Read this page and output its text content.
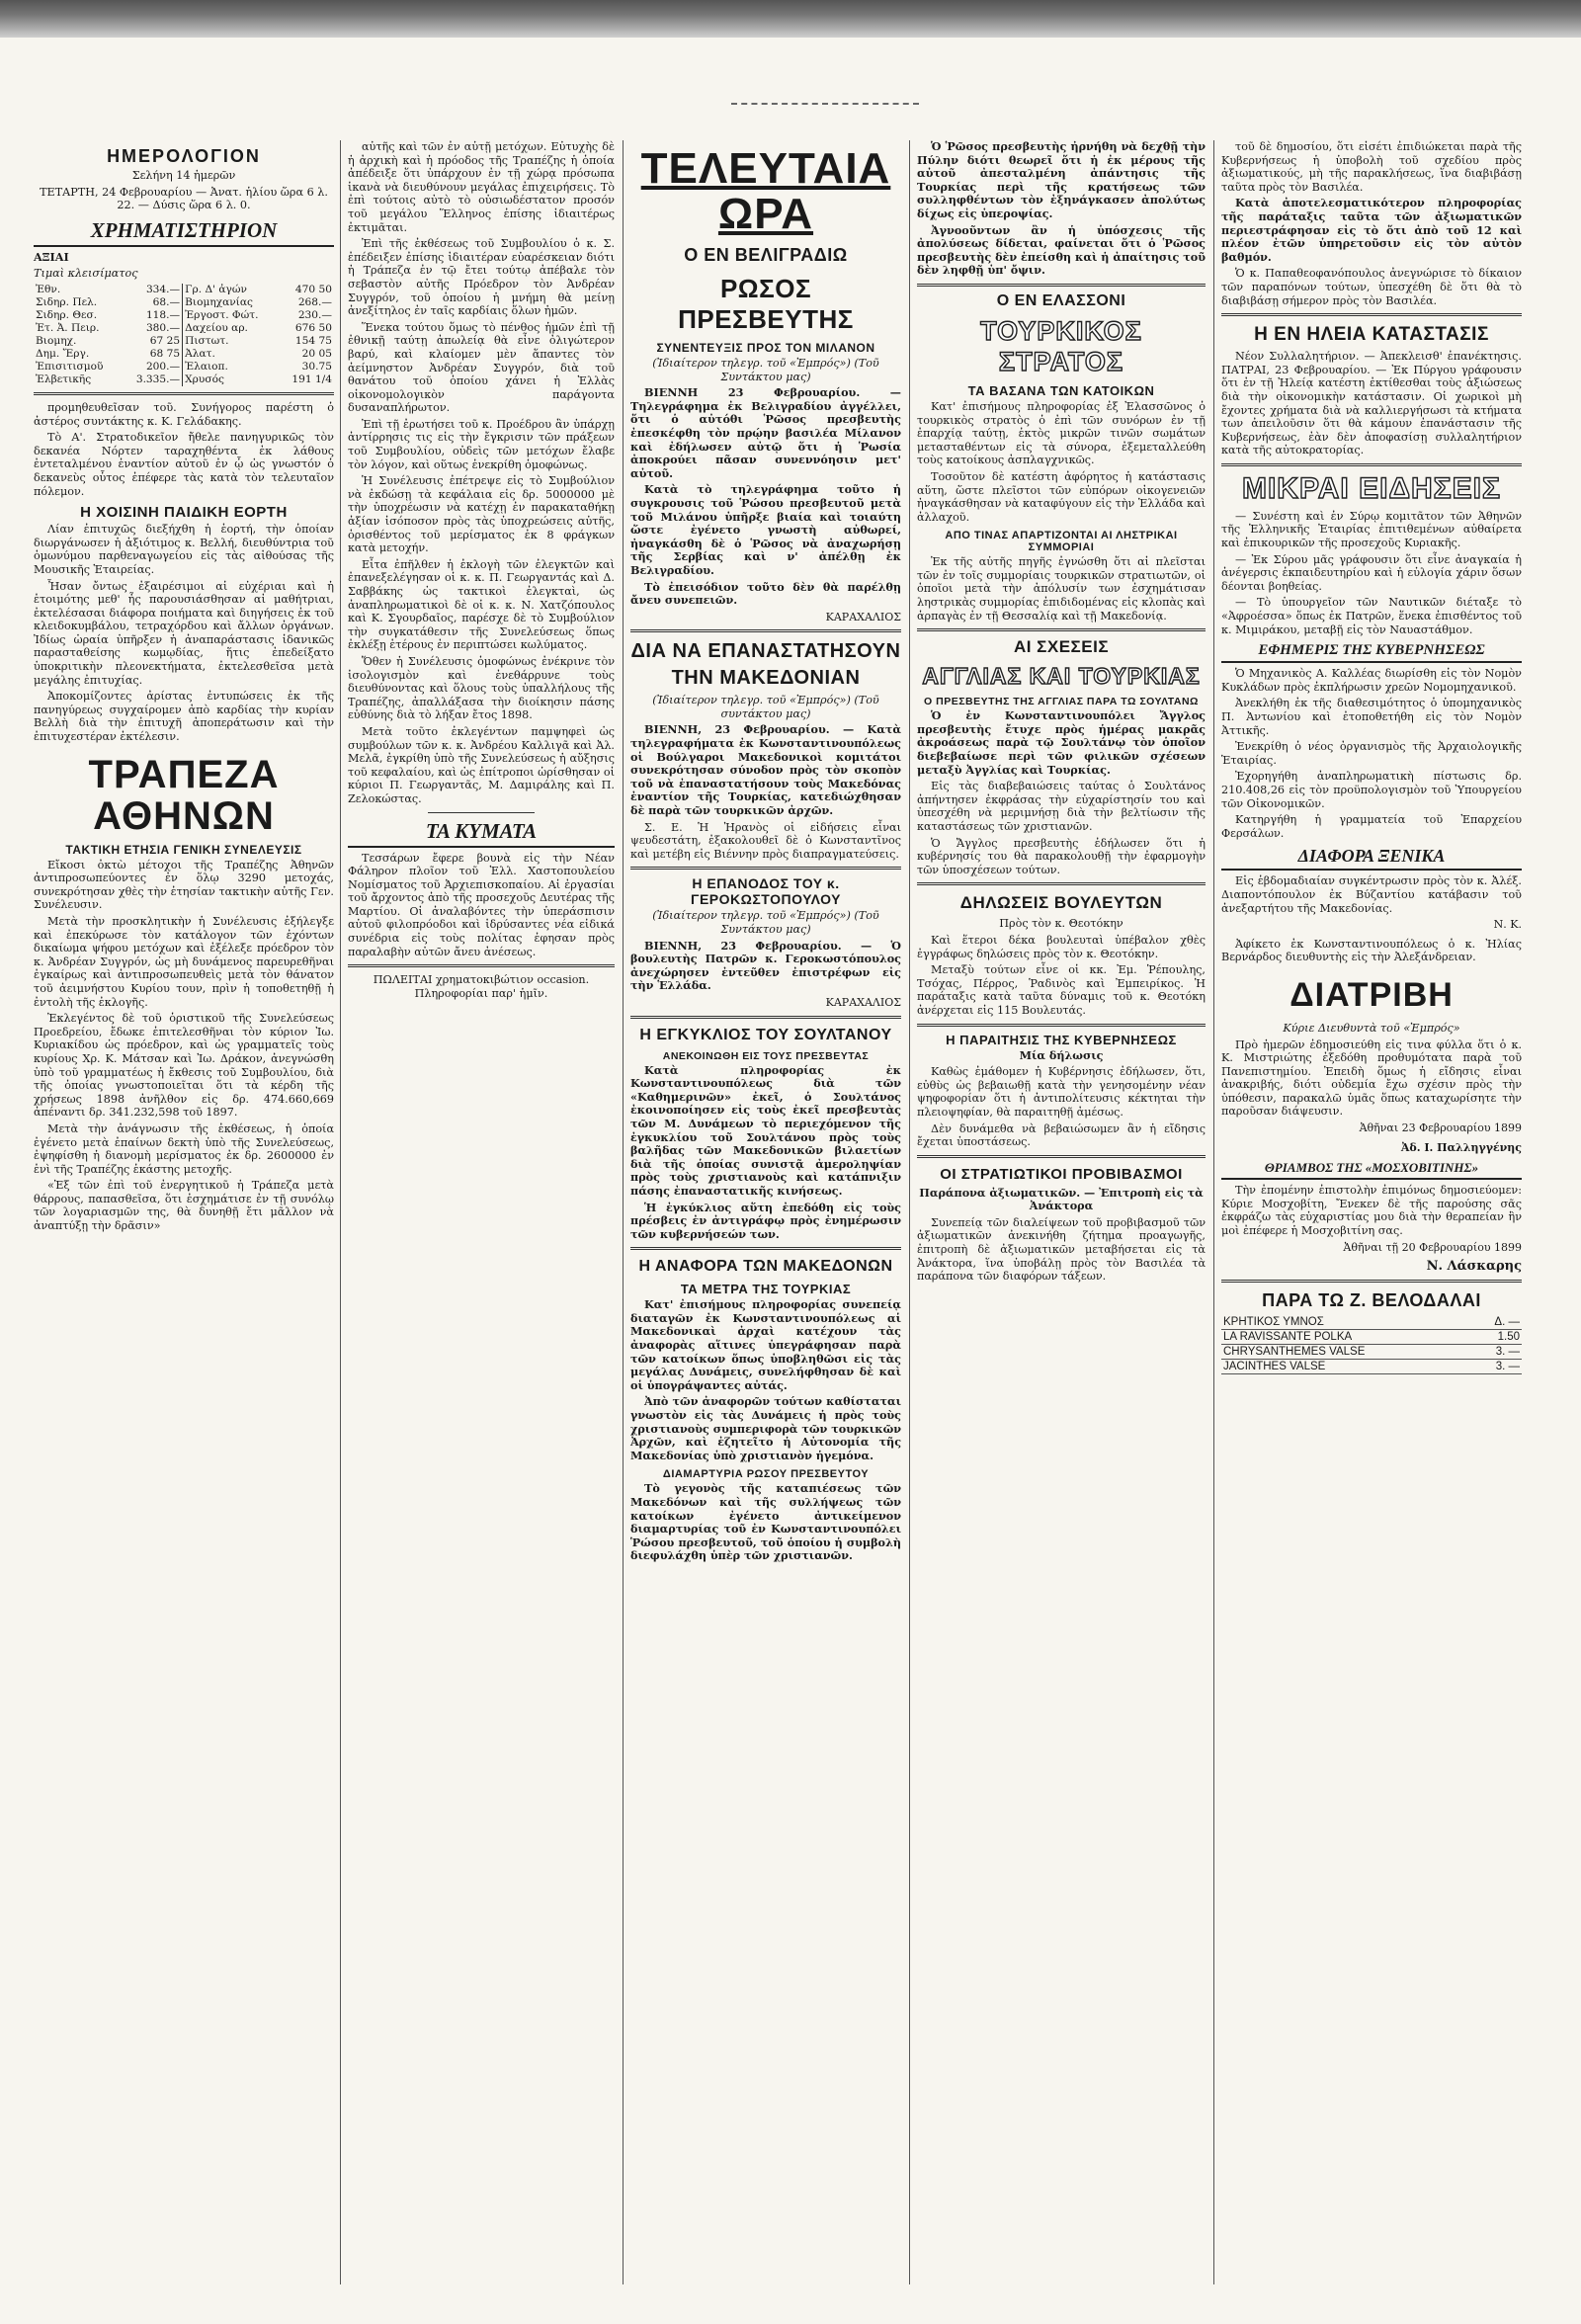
ΗΜΕΡΟΛΟΓΙΟΝ

Σελήνη 14 ἡμερῶν

ΤΕΤΑΡΤΗ, 24 Φεβρουαρίου — Ἀνατ. ἡλίου ὥρα 6 λ. 22. — Δύσις ὥρα 6 λ. 0.

ΧΡΗΜΑΤΙΣΤΗΡΙΟΝ

ΑΞΙΑΙ

Τιμαὶ κλεισίματος

Ἐθν.	334.—	Γρ. Δ' ἀγών	470 50
Σιδηρ. Πελ.	68.—	Βιομηχανίας	268.—
Σιδηρ. Θεσ.	118.—	Ἐργοστ. Φώτ.	230.—
Ἐτ. Ἀ. Πειρ.	380.—	Δαχείου αρ.	676 50
Βιομηχ.	67 25	Πιστωτ.	154 75
Δημ. Ἔργ.	68 75	Ἀλατ.	20 05
Ἐπισιτισμοῦ	200.—	Ἐλαιοπ.	30.75
Ἑλβετικῆς	3.335.—	Χρυσός	191 1/4

προμηθευθεῖσαν τοῦ. Συνήγορος παρέστη ὁ ἀστέρος συντάκτης κ. Κ. Γελάδακης.

Τὸ Α'. Στρατοδικεῖον ἤθελε πανηγυρικῶς τὸν δεκανέα Νόρτεν ταραχηθέντα ἐκ λάθους ἐντεταλμένου ἐναντίον αὐτοῦ ἐν ᾧ ὡς γνωστόν ὁ δεκανεὺς οὗτος ἐπέφερε τὰς κατὰ τὸν τελευταῖον πόλεμον.

Η ΧΟΙΣΙΝΗ ΠΑΙΔΙΚΗ ΕΟΡΤΗ

Λίαν ἐπιτυχῶς διεξήχθη ἡ ἑορτή, τὴν ὁποίαν διωργάνωσεν ἡ ἀξιότιμος κ. Βελλή, διευθύντρια τοῦ ὁμωνύμου παρθεναγωγείου εἰς τὰς αἰθούσας τῆς Μουσικῆς Ἑταιρείας.

Ἦσαν ὄντως ἐξαιρέσιμοι αἱ εὐχέριαι καὶ ἡ ἑτοιμότης μεθ' ἧς παρουσιάσθησαν αἱ μαθήτριαι, ἐκτελέσασαι διάφορα ποιήματα καὶ διηγήσεις ἐκ τοῦ κλειδοκυμβάλου, τετραχόρδου καὶ ἄλλων ὀργάνων. Ἰδίως ὡραία ὑπῆρξεν ἡ ἀναπαράστασις ἰδανικῶς παρασταθείσης κωμῳδίας, ἥτις ἐπεδείξατο ὑποκριτικὴν πλεονεκτήματα, ἐκτελεσθεῖσα μετὰ μεγάλης ἐπιτυχίας.

Ἀποκομίζοντες ἀρίστας ἐντυπώσεις ἐκ τῆς πανηγύρεως συγχαίρομεν ἀπὸ καρδίας τὴν κυρίαν Βελλὴ διὰ τὴν ἐπιτυχῆ ἀποπεράτωσιν καὶ τὴν ἐπιτυχεστέραν ἐκτέλεσιν.

ΤΡΑΠΕΖΑ ΑΘΗΝΩΝ
ΤΑΚΤΙΚΗ ΕΤΗΣΙΑ ΓΕΝΙΚΗ ΣΥΝΕΛΕΥΣΙΣ

Εἴκοσι ὀκτὼ μέτοχοι τῆς Τραπέζης Ἀθηνῶν ἀντιπροσωπεύοντες ἐν ὅλῳ 3290 μετοχάς, συνεκρότησαν χθὲς τὴν ἐτησίαν τακτικὴν αὐτῆς Γεν. Συνέλευσιν.

Μετὰ τὴν προσκλητικὴν ἡ Συνέλευσις ἐξήλεγξε καὶ ἐπεκύρωσε τὸν κατάλογον τῶν ἐχόντων δικαίωμα ψήφου μετόχων καὶ ἐξέλεξε πρόεδρον τὸν κ. Ἀνδρέαν Συγγρόν, ὡς μὴ δυνάμενος παρευρεθῆναι ἐγκαίρως καὶ ἀντιπροσωπευθεὶς μετὰ τὸν θάνατον τοῦ ἀειμνήστου Κυρίου τουν, πρὶν ἡ τοποθετηθῇ ἡ ἐντολὴ τῆς ἐκλογῆς.

Ἐκλεγέντος δὲ τοῦ ὁριστικοῦ τῆς Συνελεύσεως Προεδρείου, ἔδωκε ἐπιτελεσθῆναι τὸν κύριον Ἰω. Κυριακίδου ὡς πρόεδρον, καὶ ὡς γραμματεῖς τοὺς κυρίους Χρ. Κ. Μάτσαν καὶ Ἰω. Δράκον, ἀνεγνώσθη ὑπὸ τοῦ γραμματέως ἡ ἔκθεσις τοῦ Συμβουλίου, διὰ τῆς ὁποίας γνωστοποιεῖται ὅτι τὰ κέρδη τῆς χρήσεως 1898 ἀνῆλθον εἰς δρ. 474.660,669 ἀπέναντι δρ. 341.232,598 τοῦ 1897.

Μετὰ τὴν ἀνάγνωσιν τῆς ἐκθέσεως, ἡ ὁποία ἐγένετο μετὰ ἐπαίνων δεκτὴ ὑπὸ τῆς Συνελεύσεως, ἐψηφίσθη ἡ διανομὴ μερίσματος ἐκ δρ. 2600000 ἐν ἑνὶ τῆς Τραπέζης ἑκάστης μετοχῆς.

«Ἐξ τῶν ἐπὶ τοῦ ἐνεργητικοῦ ἡ Τράπεζα μετὰ θάρρους, παπασθεῖσα, ὅτι ἐσχημάτισε ἐν τῇ συνόλῳ τῶν λογαριασμῶν της, θὰ δυνηθῇ ἔτι μᾶλλον νὰ ἀναπτύξῃ τὴν δρᾶσιν»

αὐτῆς καὶ τῶν ἐν αὐτῇ μετόχων. Εὐτυχὴς δὲ ἡ ἀρχικὴ καὶ ἡ πρόοδος τῆς Τραπέζης ἡ ὁποία ἀπέδειξε ὅτι ὑπάρχουν ἐν τῇ χώρᾳ πρόσωπα ἱκανὰ νὰ διευθύνουν μεγάλας ἐπιχειρήσεις. Τὸ ἐπὶ τούτοις αὐτὸ τὸ οὐσιωδέστατον προσόν τοῦ μεγάλου Ἕλληνος ἐπίσης ἰδιαιτέρως ἐκτιμᾶται.

Ἐπὶ τῆς ἐκθέσεως τοῦ Συμβουλίου ὁ κ. Σ. ἐπέδειξεν ἐπίσης ἰδιαιτέραν εὐαρέσκειαν διότι ἡ Τράπεζα ἐν τῷ ἔτει τούτῳ ἀπέβαλε τὸν σεβαστὸν αὐτῆς Πρόεδρον τὸν Ἀνδρέαν Συγγρόν, τοῦ ὁποίου ἡ μνήμη θὰ μείνῃ ἀνεξίτηλος ἐν ταῖς καρδίαις ὅλων ἡμῶν.

Ἕνεκα τούτου ὅμως τὸ πένθος ἡμῶν ἐπὶ τῇ ἐθνικῇ ταύτῃ ἀπωλείᾳ θὰ εἶνε ὀλιγώτερον βαρύ, καὶ κλαίομεν μὲν ἅπαντες τὸν ἀείμνηστον Ἀνδρέαν Συγγρόν, διὰ τοῦ θανάτου τοῦ ὁποίου χάνει ἡ Ἑλλὰς οἰκονομολογικὸν παράγοντα δυσαναπλήρωτον.

Ἐπὶ τῇ ἐρωτήσει τοῦ κ. Προέδρου ἂν ὑπάρχῃ ἀντίρρησις τις εἰς τὴν ἔγκρισιν τῶν πράξεων τοῦ Συμβουλίου, οὐδεὶς τῶν μετόχων ἔλαβε τὸν λόγον, καὶ οὕτως ἐνεκρίθη ὁμοφώνως.

Ἡ Συνέλευσις ἐπέτρεψε εἰς τὸ Συμβούλιον νὰ ἐκδώσῃ τὰ κεφάλαια εἰς δρ. 5000000 μὲ τὴν ὑποχρέωσιν νὰ κατέχῃ ἐν παρακαταθήκῃ ἀξίαν ἰσόποσον πρὸς τὰς ὑποχρεώσεις αὐτῆς, ὁρισθέντος τοῦ μερίσματος ἐκ 8 φράγκων κατὰ μετοχήν.

Εἶτα ἐπῆλθεν ἡ ἐκλογὴ τῶν ἐλεγκτῶν καὶ ἐπανεξελέγησαν οἱ κ. κ. Π. Γεωργαντάς καὶ Δ. Σαββάκης ὡς τακτικοὶ ἐλεγκταὶ, ὡς ἀναπληρωματικοὶ δὲ οἱ κ. κ. Ν. Χατζόπουλος καὶ Κ. Σγουρδαῖος, παρέσχε δὲ τὸ Συμβούλιον τὴν συγκατάθεσιν τῆς Συνελεύσεως ὅπως ἐκλέξῃ ἑτέρους ἐν περιπτώσει κωλύματος.

Ὅθεν ἡ Συνέλευσις ὁμοφώνως ἐνέκρινε τὸν ἰσολογισμὸν καὶ ἐνεθάρρυνε τοὺς διευθύνοντας καὶ ὅλους τοὺς ὑπαλλήλους τῆς Τραπέζης, ἀπαλλάξασα τὴν διοίκησιν πάσης εὐθύνης διὰ τὸ λήξαν ἔτος 1898.

Μετὰ τοῦτο ἐκλεγέντων παμψηφεὶ ὡς συμβούλων τῶν κ. κ. Ἀνδρέου Καλλιγᾶ καὶ Ἀλ. Μελᾶ, ἐγκρίθη ὑπὸ τῆς Συνελεύσεως ἡ αὔξησις τοῦ κεφαλαίου, καὶ ὡς ἐπίτροποι ὡρίσθησαν οἱ κύριοι Π. Γεωργαντᾶς, Μ. Δαμιράλης καὶ Π. Ζελοκώστας.

ΤΑ ΚΥΜΑΤΑ

Τεσσάρων ἔφερε βουνὰ εἰς τὴν Νέαν Φάληρον πλοῖον τοῦ Ἑλλ. Χαστοπουλείου Νομίσματος τοῦ Ἀρχιεπισκοπαίου. Αἱ ἐργασίαι τοῦ ἄρχοντος ἀπὸ τῆς προσεχοῦς Δευτέρας τῆς Μαρτίου. Οἱ ἀναλαβόντες τὴν ὑπεράσπισιν αὐτοῦ φιλοπρόοδοι καὶ ἱδρύσαντες νέα εἰδικά συνέδρια εἰς τοὺς πολίτας ἐφησαν πρὸς παραλαβὴν αὐτῶν ἄνευ ἀνέσεως.

ΠΩΛΕΙΤΑΙ χρηματοκιβώτιον occasion. Πληροφορίαι παρ' ἡμῖν.

ΤΕΛΕΥΤΑΙΑ ΩΡΑ
Ο ΕΝ ΒΕΛΙΓΡΑΔΙΩ
ΡΩΣΟΣ ΠΡΕΣΒΕΥΤΗΣ
ΣΥΝΕΝΤΕΥΞΙΣ ΠΡΟΣ ΤΟΝ ΜΙΛΑΝΟΝ

(Ἰδιαίτερον τηλεγρ. τοῦ «Ἐμπρός») (Τοῦ Συντάκτου μας)

ΒΙΕΝΝΗ 23 Φεβρουαρίου. — Τηλεγράφημα ἐκ Βελιγραδίου ἀγγέλλει, ὅτι ὁ αὐτόθι Ῥῶσος πρεσβευτὴς ἐπεσκέφθη τὸν πρῴην βασιλέα Μίλανον καὶ ἐδήλωσεν αὐτῷ ὅτι ἡ Ῥωσία ἀποκρούει πᾶσαν συνεννόησιν μετ' αὐτοῦ.

Κατὰ τὸ τηλεγράφημα τοῦτο ἡ συγκρουσις τοῦ Ῥώσου πρεσβευτοῦ μετὰ τοῦ Μιλάνου ὑπῆρξε βιαία καὶ τοιαύτη ὥστε ἐγένετο γνωστὴ αὐθωρεί, ἠναγκάσθη δὲ ὁ Ῥῶσος νὰ ἀναχωρήσῃ τῆς Σερβίας καὶ ν' ἀπέλθῃ ἐκ Βελιγραδίου.

Τὸ ἐπεισόδιον τοῦτο δὲν θὰ παρέλθῃ ἄνευ συνεπειῶν.

ΚΑΡΑΧΑΛΙΟΣ

ΔΙΑ ΝΑ ΕΠΑΝΑΣΤΑΤΗΣΟΥΝ
ΤΗΝ ΜΑΚΕΔΟΝΙΑΝ

(Ἰδιαίτερον τηλεγρ. τοῦ «Ἐμπρός») (Τοῦ συντάκτου μας)

ΒΙΕΝΝΗ, 23 Φεβρουαρίου. — Κατὰ τηλεγραφήματα ἐκ Κωνσταντινουπόλεως οἱ Βούλγαροι Μακεδονικοὶ κομιτάτοι συνεκρότησαν σύνοδον πρὸς τὸν σκοπὸν τοῦ νὰ ἐπαναστατήσουν τοὺς Μακεδόνας ἐναντίον τῆς Τουρκίας, κατεδιώχθησαν δὲ παρὰ τῶν τουρκικῶν ἀρχῶν.

Σ. Ε. Ἡ Ἡρανὸς οἱ εἰδήσεις εἶναι ψευδεστάτη, ἐξακολουθεῖ δὲ ὁ Κωνσταντῖνος καὶ μετέβη εἰς Βιέννην πρὸς διαπραγματεύσεις.

Η ΕΠΑΝΟΔΟΣ ΤΟΥ κ. ΓΕΡΟΚΩΣΤΟΠΟΥΛΟΥ

(Ἰδιαίτερον τηλεγρ. τοῦ «Ἐμπρός») (Τοῦ Συντάκτου μας)

ΒΙΕΝΝΗ, 23 Φεβρουαρίου. — Ὁ βουλευτὴς Πατρῶν κ. Γεροκωστόπουλος ἀνεχώρησεν ἐντεῦθεν ἐπιστρέφων εἰς τὴν Ἑλλάδα.

ΚΑΡΑΧΑΛΙΟΣ

Η ΕΓΚΥΚΛΙΟΣ ΤΟΥ ΣΟΥΛΤΑΝΟΥ
ΑΝΕΚΟΙΝΩΘΗ ΕΙΣ ΤΟΥΣ ΠΡΕΣΒΕΥΤΑΣ

Κατὰ πληροφορίας ἐκ Κωνσταντινουπόλεως διὰ τῶν «Καθημερινῶν» ἐκεῖ, ὁ Σουλτάνος ἐκοινοποίησεν εἰς τοὺς ἐκεῖ πρεσβευτὰς τῶν Μ. Δυνάμεων τὸ περιεχόμενον τῆς ἐγκυκλίου τοῦ Σουλτάνου πρὸς τοὺς βαλῆδας τῶν Μακεδονικῶν βιλαετίων διὰ τῆς ὁποίας συνιστᾷ ἀμεροληψίαν πρὸς τοὺς χριστιανοὺς καὶ κατάπνιξιν πάσης ἐπαναστατικῆς κινήσεως.

Ἡ ἐγκύκλιος αὕτη ἐπεδόθη εἰς τοὺς πρέσβεις ἐν ἀντιγράφῳ πρὸς ἐνημέρωσιν τῶν κυβερνήσεών των.

Η ΑΝΑΦΟΡΑ ΤΩΝ ΜΑΚΕΔΟΝΩΝ
ΤΑ ΜΕΤΡΑ ΤΗΣ ΤΟΥΡΚΙΑΣ

Κατ' ἐπισήμους πληροφορίας συνεπείᾳ διαταγῶν ἐκ Κωνσταντινουπόλεως αἱ Μακεδονικαὶ ἀρχαὶ κατέχουν τὰς ἀναφορὰς αἵτινες ὑπεγράφησαν παρὰ τῶν κατοίκων ὅπως ὑποβληθῶσι εἰς τὰς μεγάλας Δυνάμεις, συνελήφθησαν δὲ καὶ οἱ ὑπογράψαντες αὐτάς.

Ἀπὸ τῶν ἀναφορῶν τούτων καθίσταται γνωστὸν εἰς τὰς Δυνάμεις ἡ πρὸς τοὺς χριστιανοὺς συμπεριφορὰ τῶν τουρκικῶν Ἀρχῶν, καὶ ἐζητεῖτο ἡ Αὐτονομία τῆς Μακεδονίας ὑπὸ χριστιανὸν ἡγεμόνα.

ΔΙΑΜΑΡΤΥΡΙΑ ΡΩΣΟΥ ΠΡΕΣΒΕΥΤΟΥ

Τὸ γεγονὸς τῆς καταπιέσεως τῶν Μακεδόνων καὶ τῆς συλλήψεως τῶν κατοίκων ἐγένετο ἀντικείμενον διαμαρτυρίας τοῦ ἐν Κωνσταντινουπόλει Ῥώσου πρεσβευτοῦ, τοῦ ὁποίου ἡ συμβολὴ διεφυλάχθη ὑπὲρ τῶν χριστιανῶν.

Ὁ Ῥῶσος πρεσβευτὴς ἠρνήθη νὰ δεχθῇ τὴν Πύλην διότι θεωρεῖ ὅτι ἡ ἐκ μέρους τῆς αὐτοῦ ἀπεσταλμένη ἀπάντησις τῆς Τουρκίας περὶ τῆς κρατήσεως τῶν συλληφθέντων τὸν ἐξηνάγκασεν ἀπολύτως δίχως εἰς ὑπεροψίας.

Ἀγνοοῦντων ἂν ἡ ὑπόσχεσις τῆς ἀπολύσεως δίδεται, φαίνεται ὅτι ὁ Ῥῶσος πρεσβευτὴς δὲν ἐπείσθη καὶ ἡ ἀπαίτησις τοῦ δὲν ληφθῇ ὑπ' ὄψιν.

Ο ΕΝ ΕΛΑΣΣΟΝΙ
ΤΟΥΡΚΙΚΟΣ ΣΤΡΑΤΟΣ
ΤΑ ΒΑΣΑΝΑ ΤΩΝ ΚΑΤΟΙΚΩΝ

Κατ' ἐπισήμους πληροφορίας ἐξ Ἐλασσῶνος ὁ τουρκικὸς στρατὸς ὁ ἐπὶ τῶν συνόρων ἐν τῇ ἐπαρχίᾳ ταύτῃ, ἐκτὸς μικρῶν τινῶν σωμάτων μετασταθέντων εἰς τὰ σύνορα, ἐξεμεταλλεύθη τοὺς κατοίκους ἀσπλαγχνικῶς.

Τοσοῦτον δὲ κατέστη ἀφόρητος ἡ κατάστασις αὕτη, ὥστε πλεῖστοι τῶν εὐπόρων οἰκογενειῶν ἠναγκάσθησαν νὰ καταφύγουν εἰς τὴν Ἑλλάδα καὶ ἀλλαχοῦ.

ΑΠΟ ΤΙΝΑΣ ΑΠΑΡΤΙΖΟΝΤΑΙ ΑΙ ΛΗΣΤΡΙΚΑΙ ΣΥΜΜΟΡΙΑΙ

Ἐκ τῆς αὐτῆς πηγῆς ἐγνώσθη ὅτι αἱ πλεῖσται τῶν ἐν τοῖς συμμορίαις τουρκικῶν στρατιωτῶν, οἱ ὁποῖοι μετὰ τὴν ἀπόλυσίν των ἐσχημάτισαν ληστρικὰς συμμορίας ἐπιδιδομένας εἰς κλοπὰς καὶ ἁρπαγὰς ἐν τῇ Θεσσαλίᾳ καὶ τῇ Μακεδονίᾳ.

ΑΙ ΣΧΕΣΕΙΣ
ΑΓΓΛΙΑΣ ΚΑΙ ΤΟΥΡΚΙΑΣ
Ο ΠΡΕΣΒΕΥΤΗΣ ΤΗΣ ΑΓΓΛΙΑΣ ΠΑΡΑ ΤΩ ΣΟΥΛΤΑΝΩ

Ὁ ἐν Κωνσταντινουπόλει Ἄγγλος πρεσβευτὴς ἔτυχε πρὸς ἡμέρας μακρᾶς ἀκροάσεως παρὰ τῷ Σουλτάνῳ τὸν ὁποῖον διεβεβαίωσε περὶ τῶν φιλικῶν σχέσεων μεταξὺ Ἀγγλίας καὶ Τουρκίας.

Εἰς τὰς διαβεβαιώσεις ταύτας ὁ Σουλτάνος ἀπήντησεν ἐκφράσας τὴν εὐχαρίστησίν του καὶ ὑπεσχέθη νὰ μεριμνήσῃ διὰ τὴν βελτίωσιν τῆς καταστάσεως τῶν χριστιανῶν.

Ὁ Ἄγγλος πρεσβευτὴς ἐδήλωσεν ὅτι ἡ κυβέρνησίς του θὰ παρακολουθῇ τὴν ἐφαρμογὴν τῶν ὑποσχέσεων τούτων.

ΔΗΛΩΣΕΙΣ ΒΟΥΛΕΥΤΩΝ

Πρὸς τὸν κ. Θεοτόκην

Καὶ ἕτεροι δέκα βουλευταὶ ὑπέβαλον χθὲς ἐγγράφως δηλώσεις πρὸς τὸν κ. Θεοτόκην.

Μεταξὺ τούτων εἶνε οἱ κκ. Ἐμ. Ῥέπουλης, Τσόχας, Πέρρος, Ῥαδινὸς καὶ Ἐμπειρίκος. Ἡ παράταξις κατὰ ταῦτα δύναμις τοῦ κ. Θεοτόκη ἀνέρχεται εἰς 115 Βουλευτάς.

Η ΠΑΡΑΙΤΗΣΙΣ ΤΗΣ ΚΥΒΕΡΝΗΣΕΩΣ

Μία δήλωσις

Καθὼς ἐμάθομεν ἡ Κυβέρνησις ἐδήλωσεν, ὅτι, εὐθὺς ὡς βεβαιωθῇ κατὰ τὴν γενησομένην νέαν ψηφοφορίαν ὅτι ἡ ἀντιπολίτευσις κέκτηται τὴν πλειοψηφίαν, θὰ παραιτηθῇ ἀμέσως.

Δὲν δυνάμεθα νὰ βεβαιώσωμεν ἂν ἡ εἴδησις ἔχεται ὑποστάσεως.

ΟΙ ΣΤΡΑΤΙΩΤΙΚΟΙ ΠΡΟΒΙΒΑΣΜΟΙ

Παράπονα ἀξιωματικῶν. — Ἐπιτροπὴ εἰς τὰ Ἀνάκτορα

Συνεπείᾳ τῶν διαλείψεων τοῦ προβιβασμοῦ τῶν ἀξιωματικῶν ἀνεκινήθη ζήτημα προαγωγῆς, ἐπιτροπὴ δὲ ἀξιωματικῶν μεταβήσεται εἰς τὰ Ἀνάκτορα, ἵνα ὑποβάλῃ πρὸς τὸν Βασιλέα τὰ παράπονα τῶν διαφόρων τάξεων.

τοῦ δὲ δημοσίου, ὅτι εἰσέτι ἐπιδιώκεται παρὰ τῆς Κυβερνήσεως ἡ ὑποβολὴ τοῦ σχεδίου πρὸς ἀξιωματικούς, μὴ τῆς παρακλήσεως, ἵνα διαβιβάσῃ ταῦτα πρὸς τὸν Βασιλέα.

Κατὰ ἀποτελεσματικότερον πληροφορίας τῆς παράταξις ταῦτα τῶν ἀξιωματικῶν περιεστράφησαν εἰς τὸ ὅτι ἀπὸ τοῦ 12 καὶ πλέον ἐτῶν ὑπηρετοῦσιν εἰς τὸν αὐτὸν βαθμόν.

Ὁ κ. Παπαθεοφανόπουλος ἀνεγνώρισε τὸ δίκαιον τῶν παραπόνων τούτων, ὑπεσχέθη δὲ ὅτι θὰ τὸ διαβιβάσῃ σήμερον πρὸς τὸν Βασιλέα.

Η ΕΝ ΗΛΕΙΑ ΚΑΤΑΣΤΑΣΙΣ

Νέον Συλλαλητήριον. — Ἀπεκλεισθ' ἐπανέκτησις. ΠΑΤΡΑΙ, 23 Φεβρουαρίου. — Ἐκ Πύργου γράφουσιν ὅτι ἐν τῇ Ἠλείᾳ κατέστη ἐκτίθεσθαι τοὺς ἀξιώσεως διὰ τὴν οἰκονομικὴν κατάστασιν. Οἱ χωρικοὶ μὴ ἔχοντες χρήματα διὰ νὰ καλλιεργήσωσι τὰ κτήματα των ἀπειλοῦσιν ὅτι θὰ κάμουν ἐπανάστασιν τῆς Κυβερνήσεως, ἐὰν δὲν ἀποφασίσῃ συλλαλητήριον κατὰ τῆς αὐτοκρατορίας.

ΜΙΚΡΑΙ ΕΙΔΗΣΕΙΣ

— Συνέστη καὶ ἐν Σύρῳ κομιτᾶτον τῶν Ἀθηνῶν τῆς Ἑλληνικῆς Ἐταιρίας ἐπιτιθεμένων αὐθαίρετα καὶ ἐπικουρικῶν τῆς προσεχοῦς Κυριακῆς.

— Ἐκ Σύρου μᾶς γράφουσιν ὅτι εἶνε ἀναγκαία ἡ ἀνέγερσις ἐκπαιδευτηρίου καὶ ἡ εὐλογία χάριν ὅσων δέονται βοηθείας.

— Τὸ ὑπουργεῖον τῶν Ναυτικῶν διέταξε τὸ «Ἀφροέσσα» ὅπως ἐκ Πατρῶν, ἕνεκα ἐπισθέντος τοῦ κ. Μιμιράκου, μεταβῇ εἰς τὸν Ναυαστάθμον.

ΕΦΗΜΕΡΙΣ ΤΗΣ ΚΥΒΕΡΝΗΣΕΩΣ

Ὁ Μηχανικὸς Α. Καλλέας διωρίσθη εἰς τὸν Νομὸν Κυκλάδων πρὸς ἐκπλήρωσιν χρεῶν Νομομηχανικοῦ.

Ἀνεκλήθη ἐκ τῆς διαθεσιμότητος ὁ ὑπομηχανικὸς Π. Ἀντωνίου καὶ ἐτοποθετήθη εἰς τὸν Νομὸν Ἀττικῆς.

Ἐνεκρίθη ὁ νέος ὀργανισμὸς τῆς Ἀρχαιολογικῆς Ἑταιρίας.

Ἐχορηγήθη ἀναπληρωματικὴ πίστωσις δρ. 210.408,26 εἰς τὸν προϋπολογισμὸν τοῦ Ὑπουργείου τῶν Οἰκονομικῶν.

Κατηργήθη ἡ γραμματεία τοῦ Ἐπαρχείου Φερσάλων.

ΔΙΑΦΟΡΑ ΞΕΝΙΚΑ

Εἰς ἑβδομαδιαίαν συγκέντρωσιν πρὸς τὸν κ. Ἀλέξ. Διαποντόπουλον ἐκ Βύζαντίου κατάβασιν τοῦ ἀνεξαρτήτου τῆς Μακεδονίας.

Ν. Κ.

Ἀφίκετο ἐκ Κωνσταντινουπόλεως ὁ κ. Ἠλίας Βερνάρδος διευθυντὴς εἰς τὴν Ἀλεξάνδρειαν.

ΔΙΑΤΡΙΒΗ

Κύριε Διευθυντὰ τοῦ «Ἐμπρός»

Πρὸ ἡμερῶν ἐδημοσιεύθη εἰς τινα φύλλα ὅτι ὁ κ. Κ. Μιστριώτης ἐξεδόθη προθυμότατα παρὰ τοῦ Πανεπιστημίου. Ἐπειδὴ ὅμως ἡ εἴδησις εἶναι ἀνακριβής, διότι οὐδεμία ἔχω σχέσιν πρὸς τὴν ὑπόθεσιν, παρακαλῶ ὑμᾶς ὅπως καταχωρίσητε τὴν παροῦσαν διάψευσιν.

Ἀθῆναι 23 Φεβρουαρίου 1899

Ἀδ. Ι. Παλληγγένης

ΘΡΙΑΜΒΟΣ ΤΗΣ «ΜΟΣΧΟΒΙΤΙΝΗΣ»

Τὴν ἐπομένην ἐπιστολὴν ἐπιμόνως δημοσιεύομεν: Κύριε Μοσχοβίτη, Ἔνεκεν δὲ τῆς παρούσης σᾶς ἐκφράζω τὰς εὐχαριστίας μου διὰ τὴν θεραπείαν ἣν μοὶ ἐπέφερε ἡ Μοσχοβιτίνη σας.

Ἀθῆναι τῇ 20 Φεβρουαρίου 1899

Ν. Λάσκαρης

ΠΑΡΑ ΤΩ Ζ. ΒΕΛΟΔΑΛΑΙ
ΚΡΗΤΙΚΟΣ ΥΜΝΟΣ	Δ. —
LA RAVISSANTE POLKA	1.50
CHRYSANTHEMES VALSE	3. —
JACINTHES VALSE	3. —
